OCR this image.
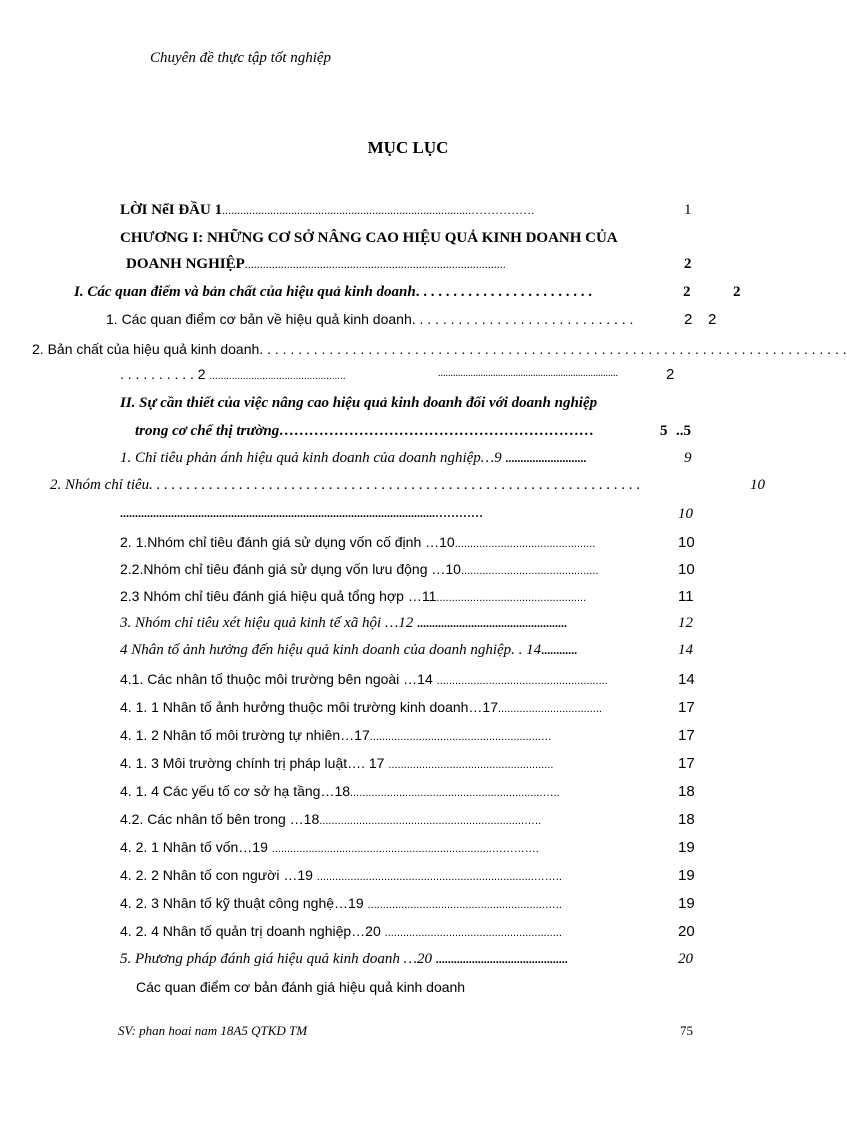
Chuyên đề thực tập tốt nghiệp
MỤC LỤC
LỜI NểI ĐẦU 1...................................................................................…………….	1
CHƯƠNG I: NHỮNG CƠ SỞ NÂNG CAO HIỆU QUẢ KINH DOANH CỦA
DOANH NGHIỆP.......................................................................................	2
I. Các quan điểm và bản chất của hiệu quả kinh doanh. . . . . . . . . . . . . . . . . . . . . . . .	2	2
1. Các quan điểm cơ bản về hiệu quả kinh doanh. . . . . . . . . . . . . . . . . . . . . . . . . . . . .	2 2
2. Bản chất của hiệu quả kinh doanh. . . . . . . . . . . . . . . . . . . . . . . . . . . . . . . . . . . . . . . . . . . . . . . . . . . . . . . . . . . . . . . . . . . . . . . . . . . .
. . . . . . . . . . 2 .................................................	........................................................................	2
II. Sự cần thiết của việc nâng cao hiệu quả kinh doanh đối với doanh nghiệp
trong cơ chế thị trường………………………………………………………	5 ..5
1. Chỉ tiêu phản ánh hiệu quả kinh doanh của doanh nghiệp…9 ...........................	9
2. Nhóm chỉ tiêu. . . . . . . . . . . . . . . . . . . . . . . . . . . . . . . . . . . . . . . . . . . . . . . . . . . . . . . . . . . . . . . . . .	10
.........................................................................................................…………	10
2. 1.Nhóm chỉ tiêu đánh giá sử dụng vốn cố định …10..............................................	10
2.2.Nhóm chỉ tiêu đánh giá sử dụng vốn lưu động …10.............................................	10
2.3 Nhóm chỉ tiêu đánh giá hiệu quả tổng hợp …11.................................................	11
3. Nhóm chỉ tiêu xét hiệu quả kinh tế xã hội …12 ..................................................	12
4 Nhân tố ảnh hưởng đến hiệu quả kinh doanh của doanh nghiệp. . 14............	14
4.1. Các nhân tố thuộc môi trường bên ngoài …14 ........................................................	14
4. 1. 1 Nhân tố ảnh hưởng thuộc môi trường kinh doanh…17..................................	17
4. 1. 2 Nhân tố môi trường tự nhiên…17........................................................…	17
4. 1. 3 Môi trường chính trị pháp luật…. 17 ......................................................	17
4. 1. 4 Các yếu tố cơ sở hạ tầng…18...............................................................…..	18
4.2. Các nhân tố bên trong …18...................................................................…..	18
4. 2. 1 Nhân tố vốn…19 ........................................................................………….	19
4. 2. 2 Nhân tố con người …19 .......................................................................……..	19
4. 2. 3 Nhân tố kỹ thuật công nghệ…19 ..........................................................…..	19
4. 2. 4 Nhân tố quản trị doanh nghiệp…20 ..........................................................	20
5. Phương pháp đánh giá hiệu quả kinh doanh …20 ............................................	20
Các quan điểm cơ bản đánh giá hiệu quả kinh doanh
SV: phan hoai nam 18A5 QTKD TM	75
